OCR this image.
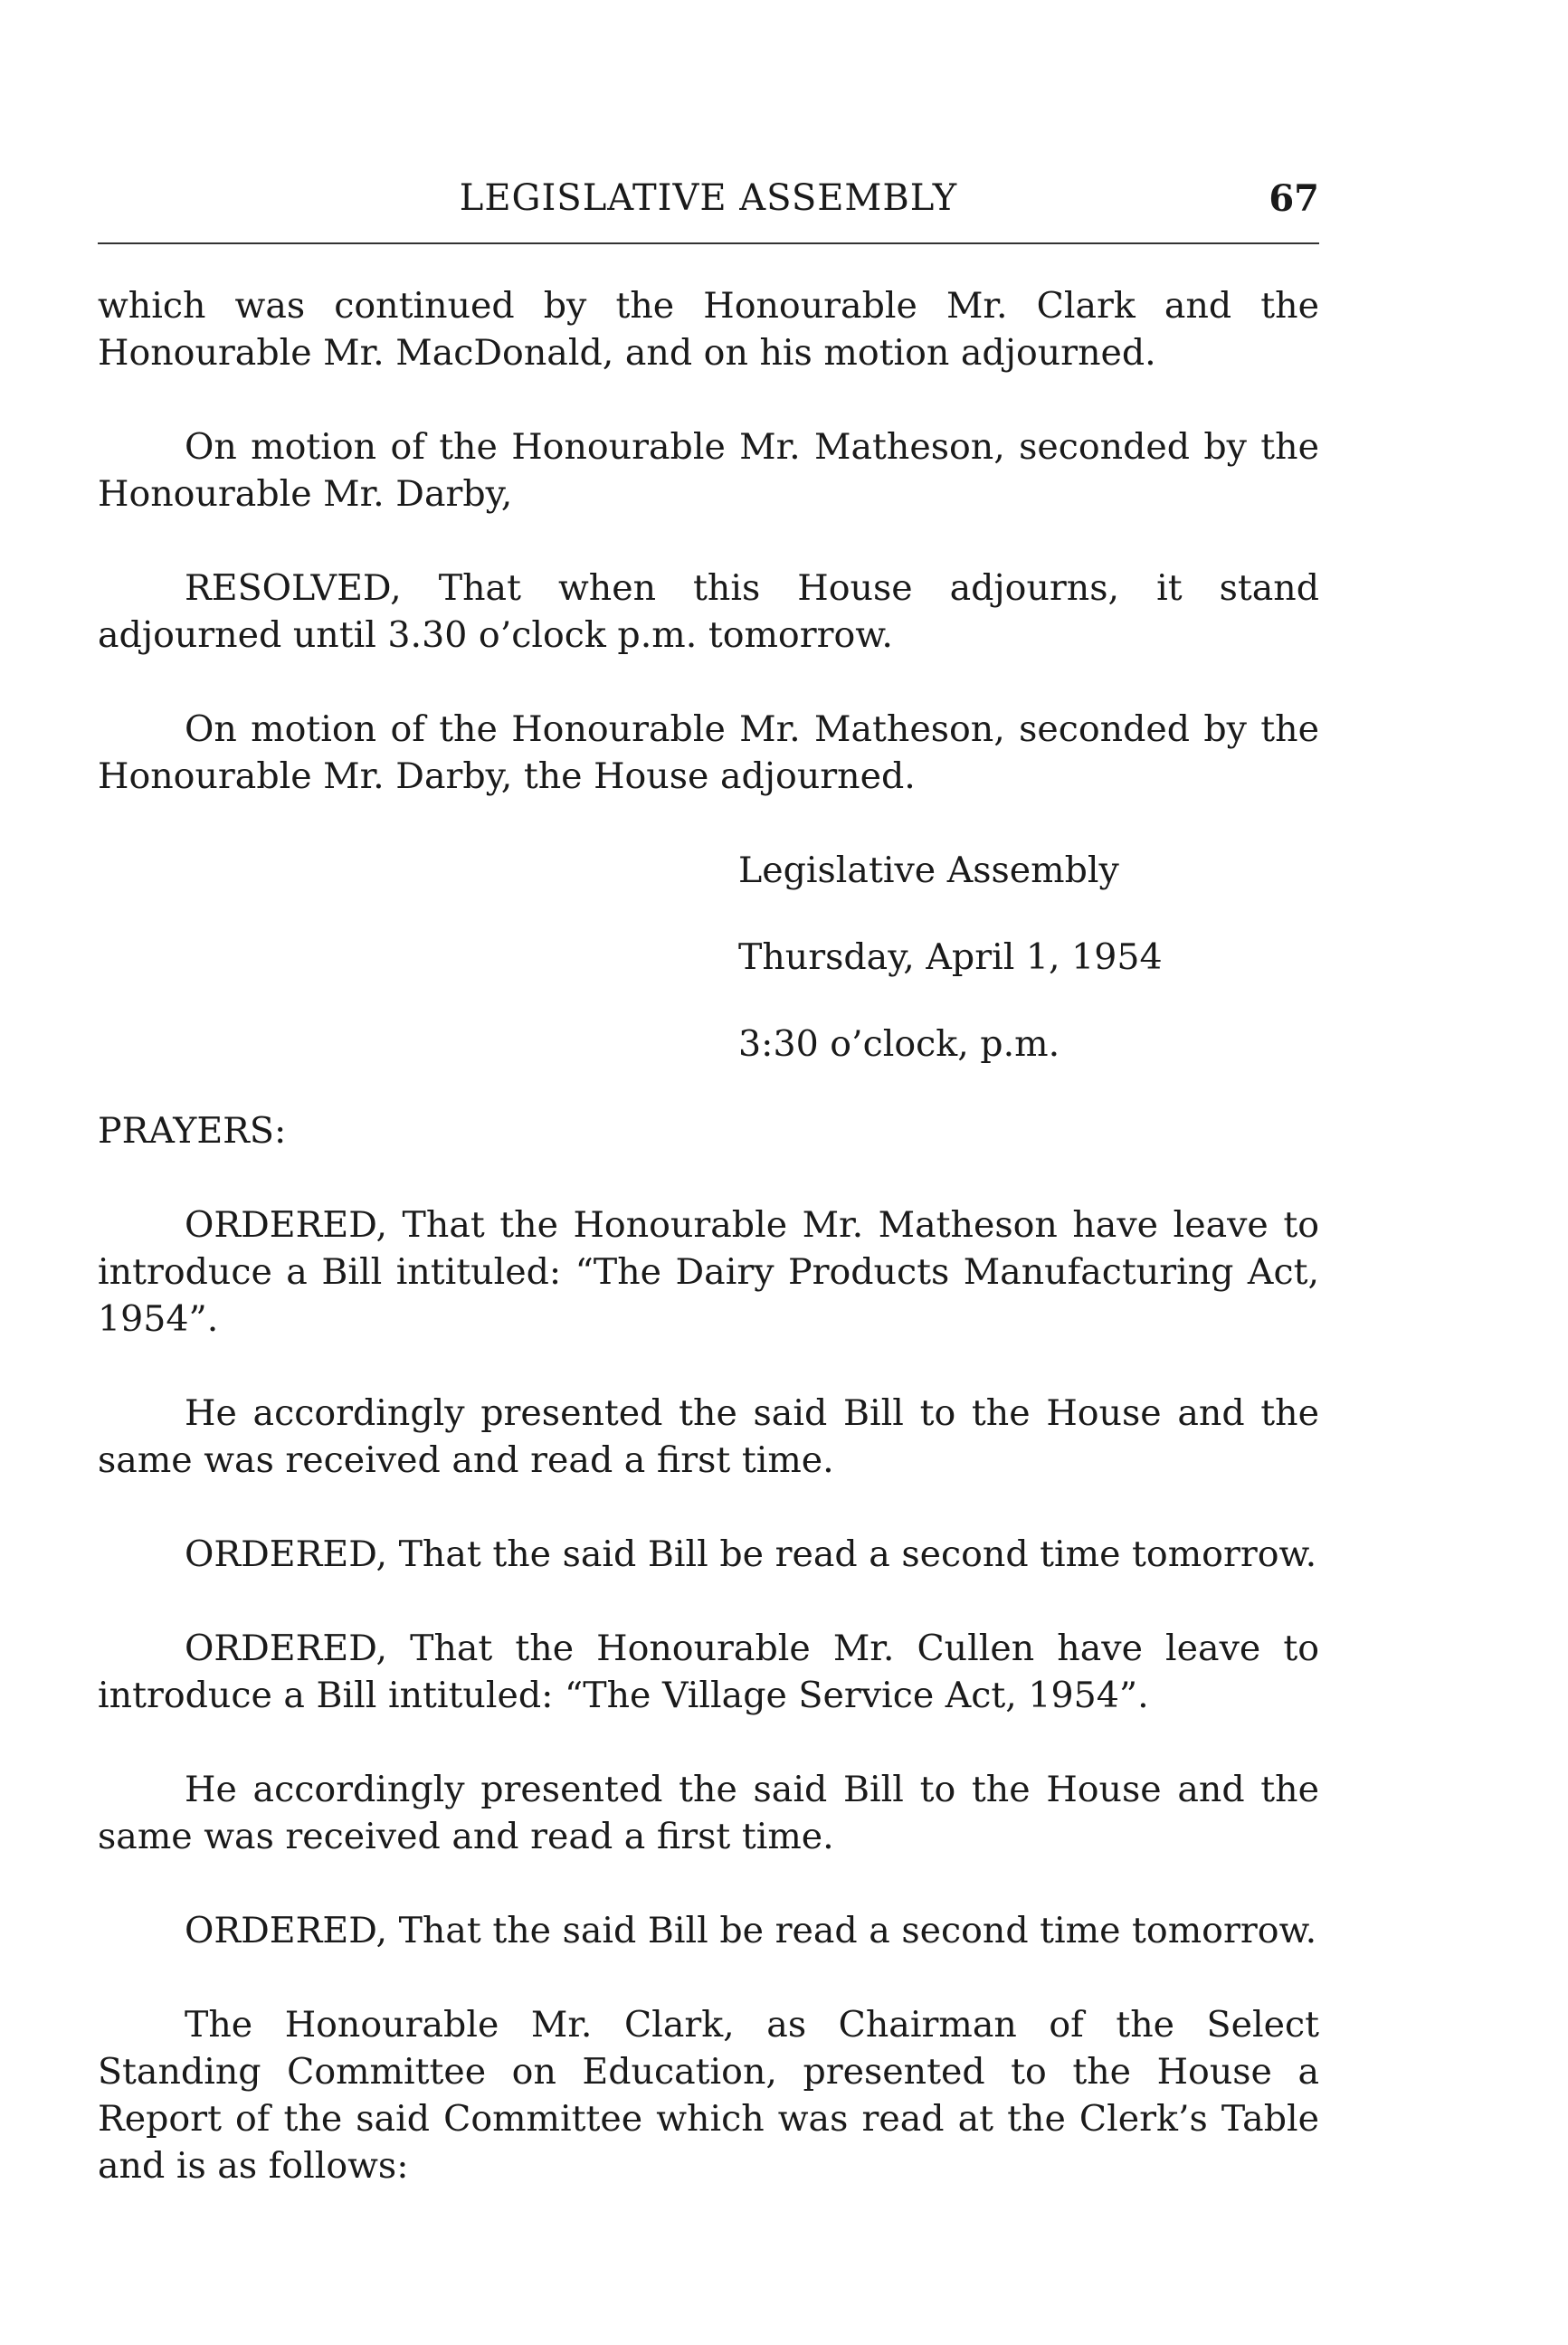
LEGISLATIVE ASSEMBLY	67

which was continued by the Honourable Mr. Clark and the Honourable Mr. MacDonald, and on his motion adjourned.

On motion of the Honourable Mr. Matheson, seconded by the Honourable Mr. Darby,

RESOLVED, That when this House adjourns, it stand adjourned until 3.30 o’clock p.m. tomorrow.

On motion of the Honourable Mr. Matheson, seconded by the Honourable Mr. Darby, the House adjourned.

Legislative Assembly
Thursday, April 1, 1954
3:30 o’clock, p.m.

PRAYERS:

ORDERED, That the Honourable Mr. Matheson have leave to introduce a Bill intituled: “The Dairy Products Manufacturing Act, 1954”.

He accordingly presented the said Bill to the House and the same was received and read a first time.

ORDERED, That the said Bill be read a second time tomorrow.

ORDERED, That the Honourable Mr. Cullen have leave to introduce a Bill intituled: “The Village Service Act, 1954”.

He accordingly presented the said Bill to the House and the same was received and read a first time.

ORDERED, That the said Bill be read a second time tomorrow.

The Honourable Mr. Clark, as Chairman of the Select Standing Committee on Education, presented to the House a Report of the said Committee which was read at the Clerk’s Table and is as follows:
